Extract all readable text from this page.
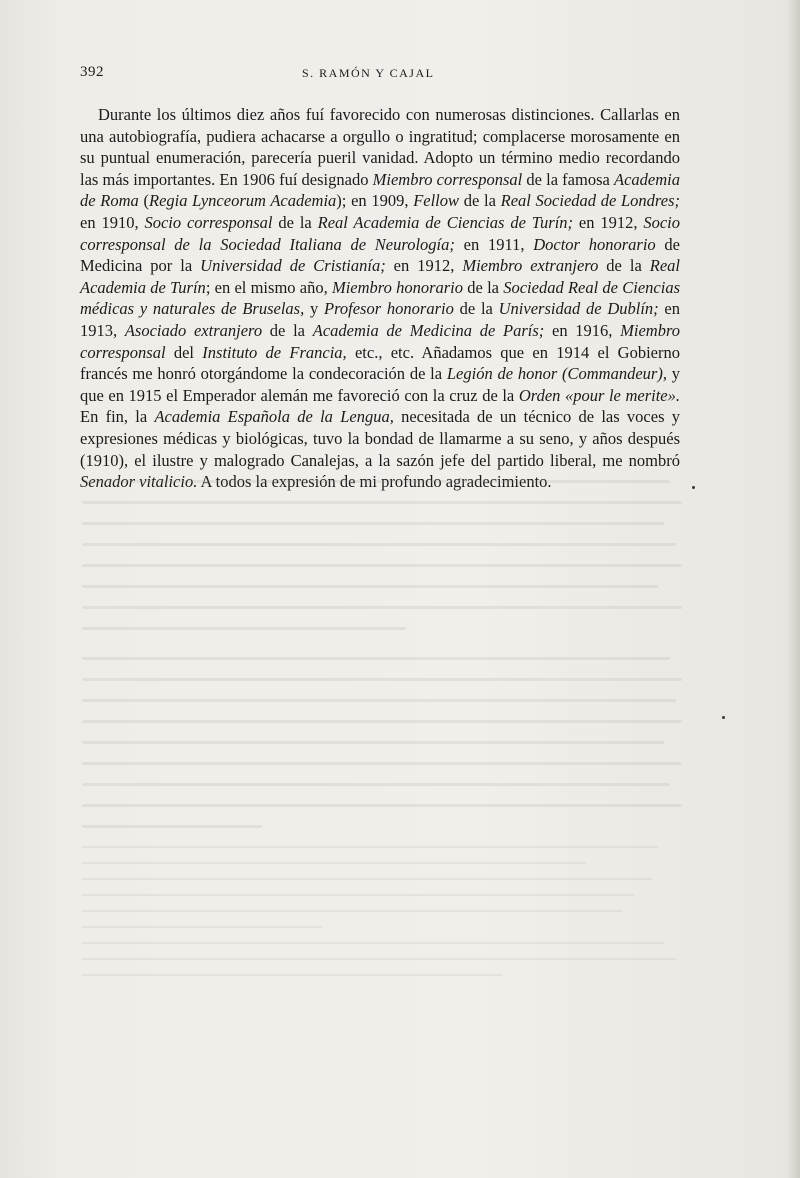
392	S. RAMÓN Y CAJAL

Durante los últimos diez años fuí favorecido con numerosas distinciones. Callarlas en una autobiografía, pudiera achacarse a orgullo o ingratitud; complacerse morosamente en su puntual enumeración, parecería pueril vanidad. Adopto un término medio recordando las más importantes. En 1906 fuí designado Miembro corresponsal de la famosa Academia de Roma (Regia Lynceorum Academia); en 1909, Fellow de la Real Sociedad de Londres; en 1910, Socio corresponsal de la Real Academia de Ciencias de Turín; en 1912, Socio corresponsal de la Sociedad Italiana de Neurología; en 1911, Doctor honorario de Medicina por la Universidad de Cristianía; en 1912, Miembro extranjero de la Real Academia de Turín; en el mismo año, Miembro honorario de la Sociedad Real de Ciencias médicas y naturales de Bruselas, y Profesor honorario de la Universidad de Dublín; en 1913, Asociado extranjero de la Academia de Medicina de París; en 1916, Miembro corresponsal del Instituto de Francia, etc., etc. Añadamos que en 1914 el Gobierno francés me honró otorgándome la condecoración de la Legión de honor (Commandeur), y que en 1915 el Emperador alemán me favoreció con la cruz de la Orden «pour le merite». En fin, la Academia Española de la Lengua, necesitada de un técnico de las voces y expresiones médicas y biológicas, tuvo la bondad de llamarme a su seno, y años después (1910), el ilustre y malogrado Canalejas, a la sazón jefe del partido liberal, me nombró Senador vitalicio. A todos la expresión de mi profundo agradecimiento.
